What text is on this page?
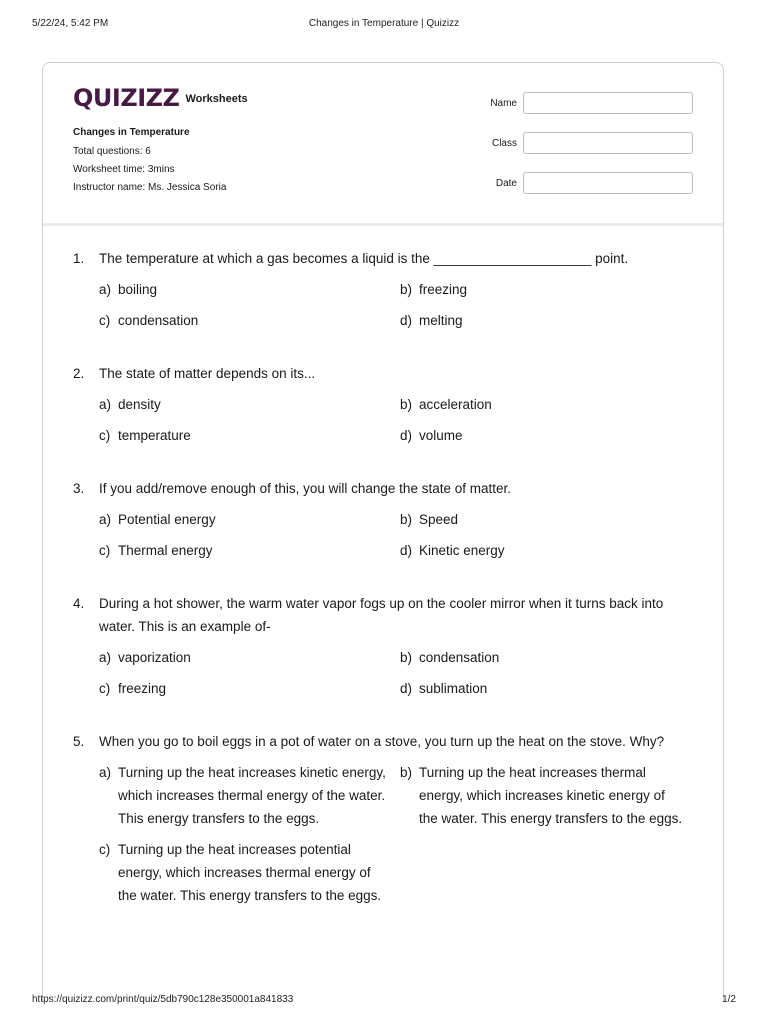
5/22/24, 5:42 PM	Changes in Temperature | Quizizz
QUIZIZZ Worksheets
Changes in Temperature
Total questions: 6
Worksheet time: 3mins
Instructor name: Ms. Jessica Soria
Name
Class
Date
1.	The temperature at which a gas becomes a liquid is the _____________________ point.
a) boiling	b) freezing
c) condensation	d) melting
2.	The state of matter depends on its...
a) density	b) acceleration
c) temperature	d) volume
3.	If you add/remove enough of this, you will change the state of matter.
a) Potential energy	b) Speed
c) Thermal energy	d) Kinetic energy
4.	During a hot shower, the warm water vapor fogs up on the cooler mirror when it turns back into water. This is an example of-
a) vaporization	b) condensation
c) freezing	d) sublimation
5.	When you go to boil eggs in a pot of water on a stove, you turn up the heat on the stove. Why?
a) Turning up the heat increases kinetic energy, which increases thermal energy of the water. This energy transfers to the eggs.
b) Turning up the heat increases thermal energy, which increases kinetic energy of the water. This energy transfers to the eggs.
c) Turning up the heat increases potential energy, which increases thermal energy of the water. This energy transfers to the eggs.
https://quizizz.com/print/quiz/5db790c128e350001a841833	1/2
